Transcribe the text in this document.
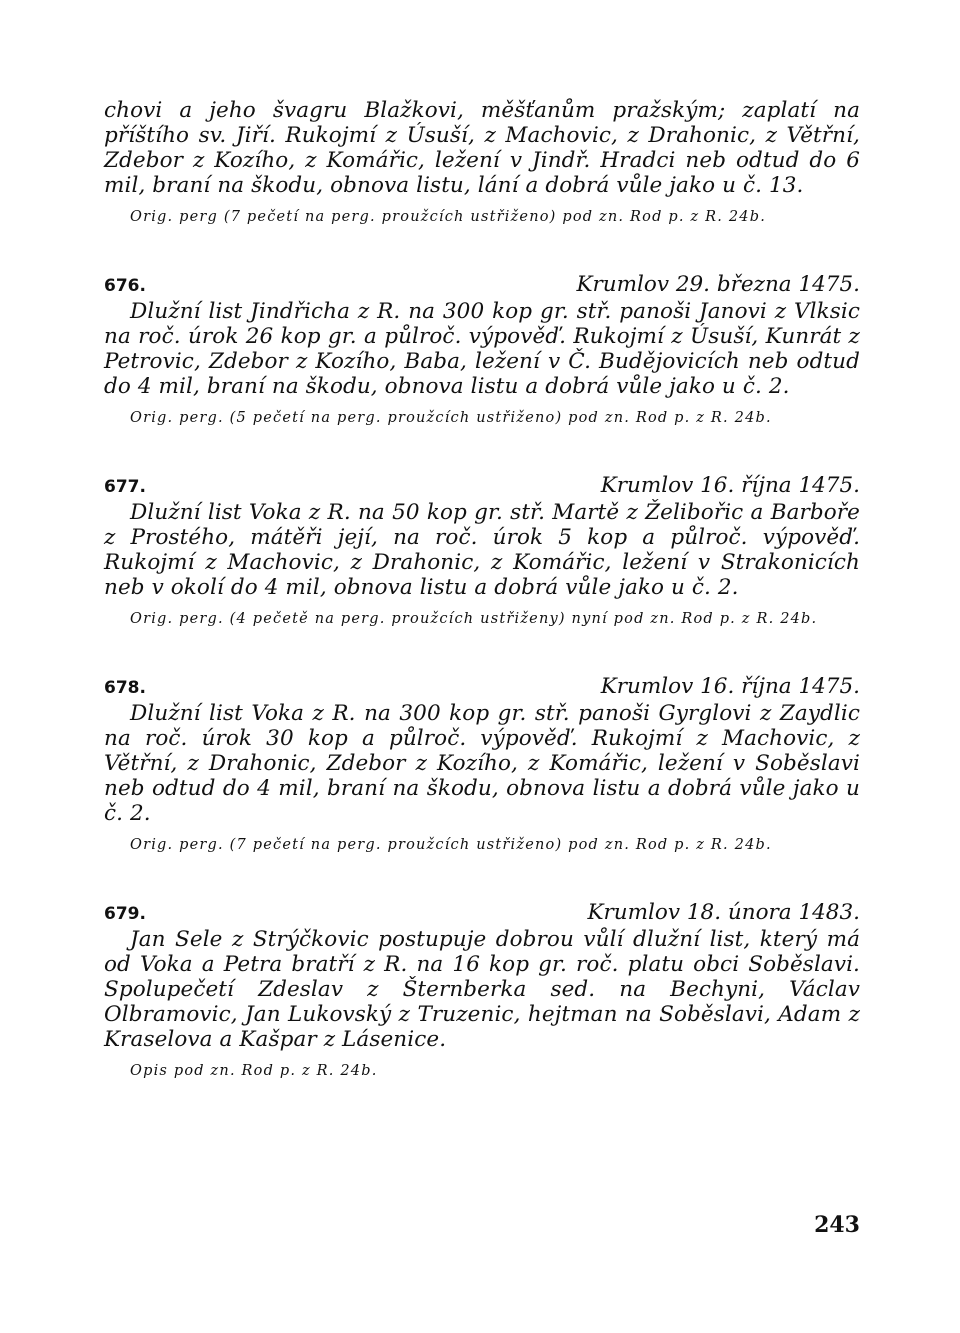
chovi a jeho švagru Blažkovi, měšťanům pražským; zaplatí na příštího sv. Jiří. Rukojmí z Úsuší, z Machovic, z Drahonic, z Větřní, Zdebor z Kozího, z Komářic, ležení v Jindř. Hradci neb odtud do 6 mil, braní na škodu, obnova listu, lání a dobrá vůle jako u č. 13.

Orig. perg (7 pečetí na perg. proužcích ustřiženo) pod zn. Rod p. z R. 24b.

676.	Krumlov 29. března 1475.

Dlužní list Jindřicha z R. na 300 kop gr. stř. panoši Janovi z Vlksic na roč. úrok 26 kop gr. a půlroč. výpověď. Rukojmí z Úsuší, Kunrát z Petrovic, Zdebor z Kozího, Baba, ležení v Č. Budějovicích neb odtud do 4 mil, braní na škodu, obnova listu a dobrá vůle jako u č. 2.

Orig. perg. (5 pečetí na perg. proužcích ustřiženo) pod zn. Rod p. z R. 24b.

677.	Krumlov 16. října 1475.

Dlužní list Voka z R. na 50 kop gr. stř. Martě z Želibořic a Barboře z Prostého, mátěři její, na roč. úrok 5 kop a půlroč. výpověď. Rukojmí z Machovic, z Drahonic, z Komářic, ležení v Strakonicích neb v okolí do 4 mil, obnova listu a dobrá vůle jako u č. 2.

Orig. perg. (4 pečetě na perg. proužcích ustřiženy) nyní pod zn. Rod p. z R. 24b.

678.	Krumlov 16. října 1475.

Dlužní list Voka z R. na 300 kop gr. stř. panoši Gyrglovi z Zaydlic na roč. úrok 30 kop a půlroč. výpověď. Rukojmí z Machovic, z Větřní, z Drahonic, Zdebor z Kozího, z Komářic, ležení v Soběslavi neb odtud do 4 mil, braní na škodu, obnova listu a dobrá vůle jako u č. 2.

Orig. perg. (7 pečetí na perg. proužcích ustřiženo) pod zn. Rod p. z R. 24b.

679.	Krumlov 18. února 1483.

Jan Sele z Strýčkovic postupuje dobrou vůlí dlužní list, který má od Voka a Petra bratří z R. na 16 kop gr. roč. platu obci Soběslavi. Spolupečetí Zdeslav z Šternberka sed. na Bechyni, Václav Olbramovic, Jan Lukovský z Truzenic, hejtman na Soběslavi, Adam z Kraselova a Kašpar z Lásenice.

Opis pod zn. Rod p. z R. 24b.

243
